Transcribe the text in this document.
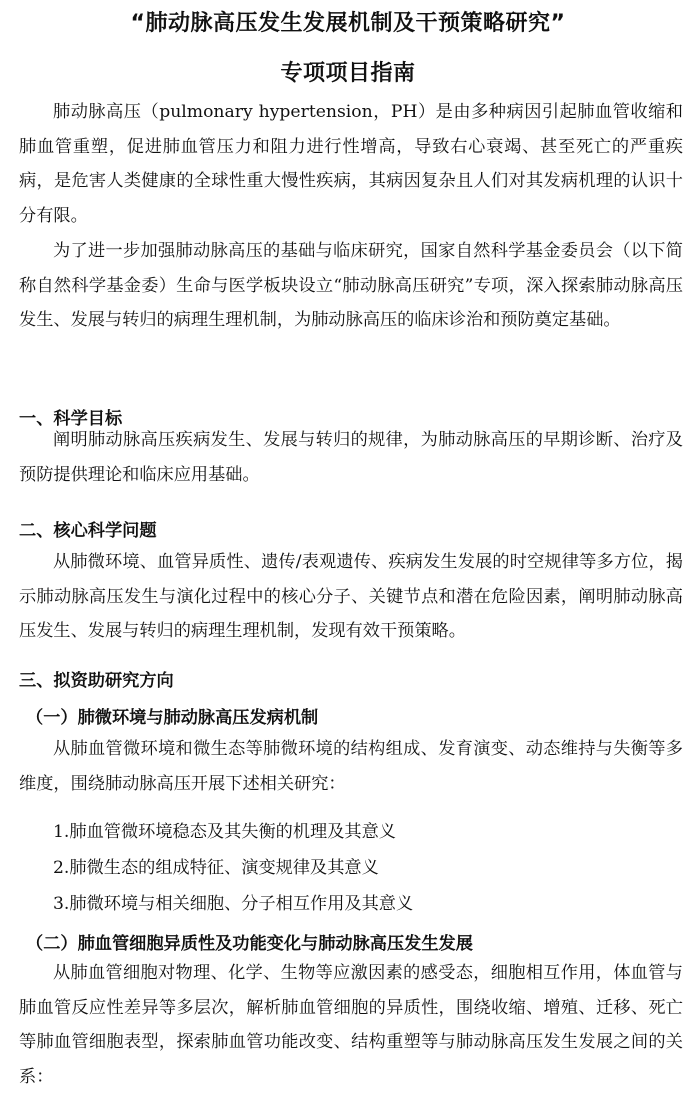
“肺动脉高压发生发展机制及干预策略研究”
专项项目指南

肺动脉高压（pulmonary hypertension，PH）是由多种病因引起肺血管收缩和肺血管重塑，促进肺血管压力和阻力进行性增高，导致右心衰竭、甚至死亡的严重疾病，是危害人类健康的全球性重大慢性疾病，其病因复杂且人们对其发病机理的认识十分有限。

为了进一步加强肺动脉高压的基础与临床研究，国家自然科学基金委员会（以下简称自然科学基金委）生命与医学板块设立“肺动脉高压研究”专项，深入探索肺动脉高压发生、发展与转归的病理生理机制，为肺动脉高压的临床诊治和预防奠定基础。

一、科学目标

阐明肺动脉高压疾病发生、发展与转归的规律，为肺动脉高压的早期诊断、治疗及预防提供理论和临床应用基础。

二、核心科学问题

从肺微环境、血管异质性、遗传/表观遗传、疾病发生发展的时空规律等多方位，揭示肺动脉高压发生与演化过程中的核心分子、关键节点和潜在危险因素，阐明肺动脉高压发生、发展与转归的病理生理机制，发现有效干预策略。

三、拟资助研究方向

（一）肺微环境与肺动脉高压发病机制

从肺血管微环境和微生态等肺微环境的结构组成、发育演变、动态维持与失衡等多维度，围绕肺动脉高压开展下述相关研究：

1.肺血管微环境稳态及其失衡的机理及其意义

2.肺微生态的组成特征、演变规律及其意义

3.肺微环境与相关细胞、分子相互作用及其意义

（二）肺血管细胞异质性及功能变化与肺动脉高压发生发展

从肺血管细胞对物理、化学、生物等应激因素的感受态，细胞相互作用，体血管与肺血管反应性差异等多层次，解析肺血管细胞的异质性，围绕收缩、增殖、迁移、死亡等肺血管细胞表型，探索肺血管功能改变、结构重塑等与肺动脉高压发生发展之间的关系：
